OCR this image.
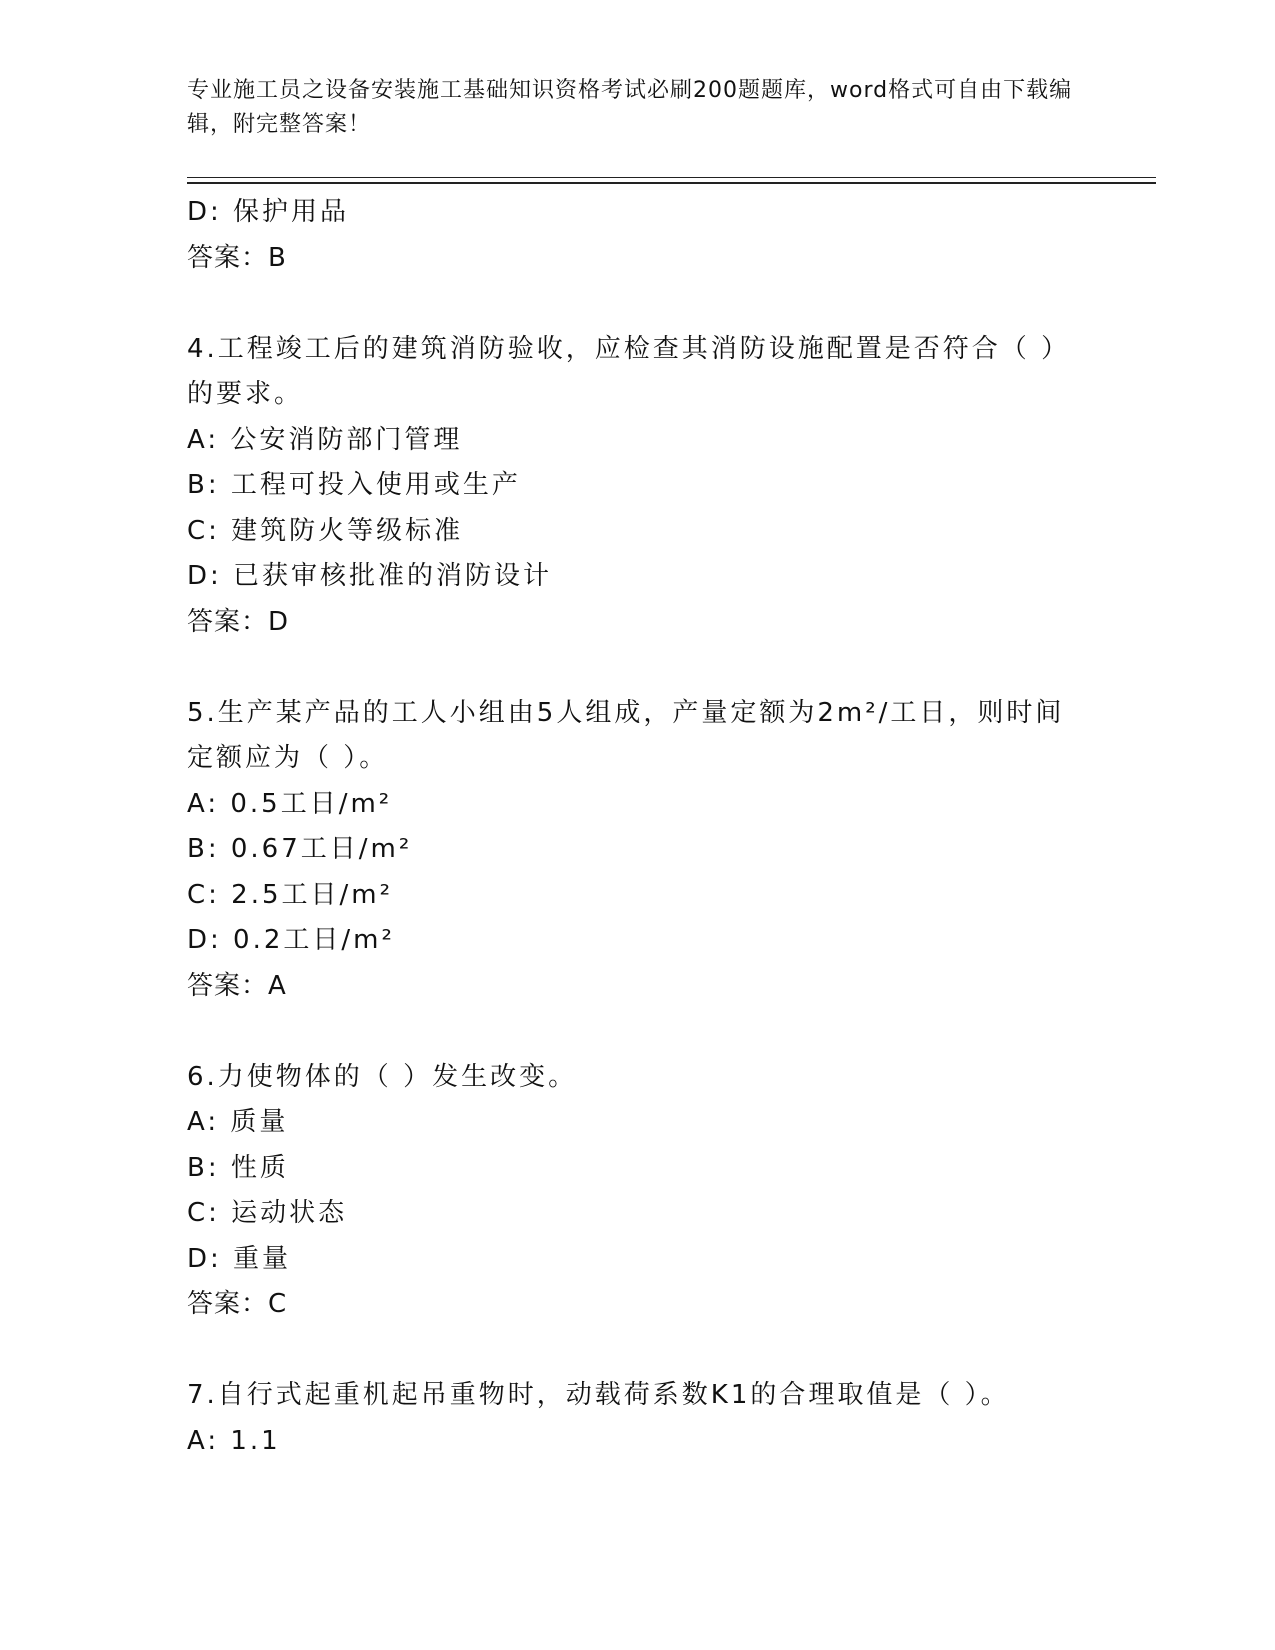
专业施工员之设备安装施工基础知识资格考试必刷200题题库，word格式可自由下载编辑，附完整答案！
D: 保护用品
答案：B
4.工程竣工后的建筑消防验收，应检查其消防设施配置是否符合（ ）的要求。
A: 公安消防部门管理
B: 工程可投入使用或生产
C: 建筑防火等级标准
D: 已获审核批准的消防设计
答案：D
5.生产某产品的工人小组由5人组成，产量定额为2m²/工日，则时间定额应为（ ）。
A: 0.5工日/m²
B: 0.67工日/m²
C: 2.5工日/m²
D: 0.2工日/m²
答案：A
6.力使物体的（ ）发生改变。
A: 质量
B: 性质
C: 运动状态
D: 重量
答案：C
7.自行式起重机起吊重物时，动载荷系数K1的合理取值是（ ）。
A: 1.1
